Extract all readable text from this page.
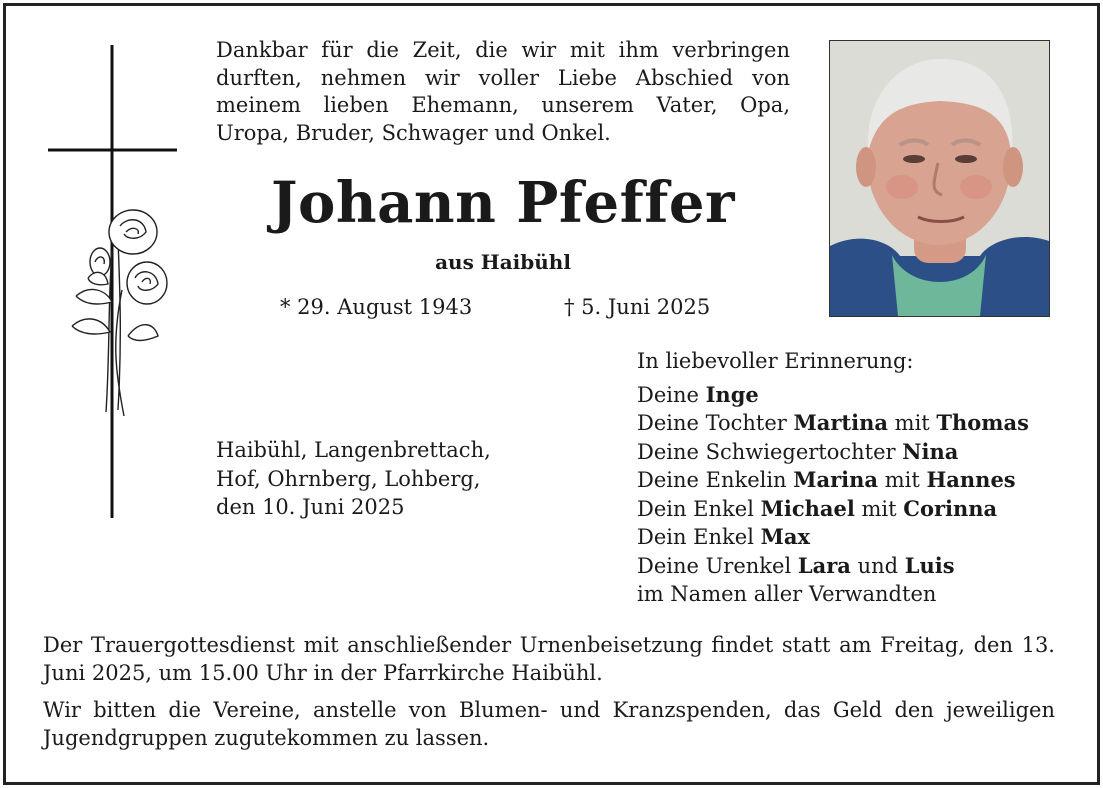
Dankbar für die Zeit, die wir mit ihm verbringen durften, nehmen wir voller Liebe Abschied von meinem lieben Ehemann, unserem Vater, Opa, Uropa, Bruder, Schwager und Onkel.
Johann Pfeffer
aus Haibühl
* 29. August 1943	† 5. Juni 2025
Haibühl, Langenbrettach,
Hof, Ohrnberg, Lohberg,
den 10. Juni 2025
In liebevoller Erinnerung:
Deine Inge
Deine Tochter Martina mit Thomas
Deine Schwiegertochter Nina
Deine Enkelin Marina mit Hannes
Dein Enkel Michael mit Corinna
Dein Enkel Max
Deine Urenkel Lara und Luis
im Namen aller Verwandten
Der Trauergottesdienst mit anschließender Urnenbeisetzung findet statt am Freitag, den 13. Juni 2025, um 15.00 Uhr in der Pfarrkirche Haibühl.
Wir bitten die Vereine, anstelle von Blumen- und Kranzspenden, das Geld den jeweiligen Jugendgruppen zugutekommen zu lassen.
